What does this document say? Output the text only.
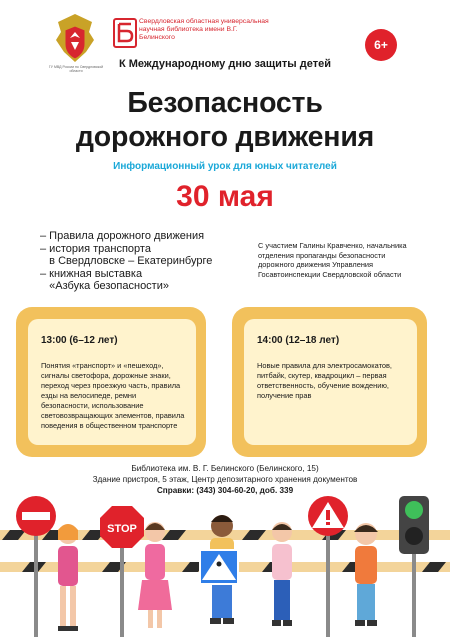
ГУ МВД России по Свердловской области
Свердловская областная универсальная научная библиотека имени В.Г. Белинского
6+
К Международному дню защиты детей
Безопасность
дорожного движения
Информационный урок для юных читателей
30 мая
– Правила дорожного движения
– история транспорта
в Свердловске – Екатеринбурге
– книжная выставка
«Азбука безопасности»
С участием Галины Кравченко, начальника отделения пропаганды безопасности дорожного движения Управления Госавтоинспекции Свердловской области
13:00 (6–12 лет)
Понятия «транспорт» и «пешеход», сигналы светофора, дорожные знаки, переход через проезжую часть, правила езды на велосипеде, ремни безопасности, использование световозвращающих элементов, правила поведения в общественном транспорте
14:00 (12–18 лет)
Новые правила для электросамокатов, питбайк, скутер, квадроцикл – первая ответственность, обучение вождению, получение прав
Библиотека им. В. Г. Белинского (Белинского, 15)
Здание пристроя, 5 этаж, Центр депозитарного хранения документов
Справки: (343) 304-60-20, доб. 339
STOP
